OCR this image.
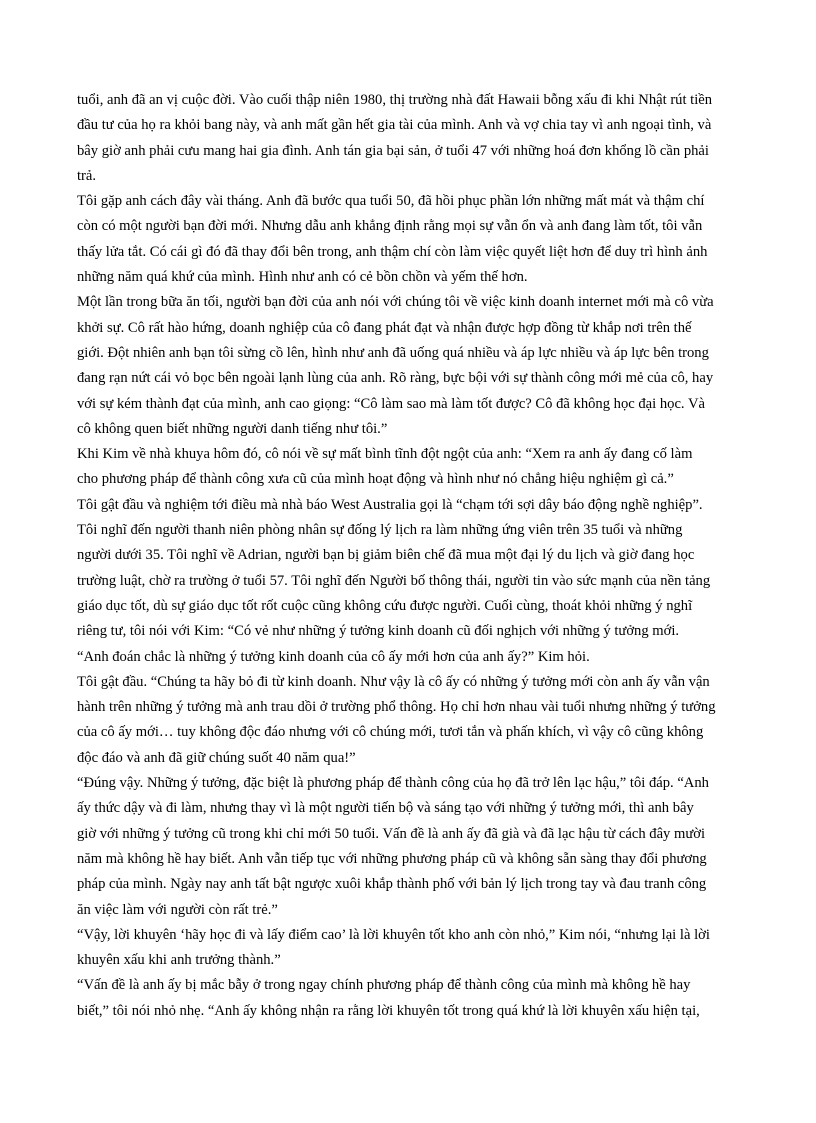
tuổi, anh đã an vị cuộc đời. Vào cuối thập niên 1980, thị trường nhà đất Hawaii bỗng xấu đi khi Nhật rút tiền
đầu tư của họ ra khỏi bang này, và anh mất gần hết gia tài của mình. Anh và vợ chia tay vì anh ngoại tình, và
bây giờ anh phải cưu mang hai gia đình. Anh tán gia bại sản, ở tuổi 47 với những hoá đơn khổng lồ cần phải
trả.
Tôi gặp anh cách đây vài tháng. Anh đã bước qua tuổi 50, đã hồi phục phần lớn những mất mát và thậm chí
còn có một người bạn đời mới. Nhưng dẫu anh khẳng định rằng mọi sự vẫn ổn và anh đang làm tốt, tôi vẫn
thấy lửa tắt. Có cái gì đó đã thay đổi bên trong, anh thậm chí còn làm việc quyết liệt hơn để duy trì hình ảnh
những năm quá khứ của mình. Hình như anh có cẻ bồn chồn và yếm thế hơn.
Một lần trong bữa ăn tối, người bạn đời của anh nói với chúng tôi về việc kinh doanh internet mới mà cô vừa
khởi sự. Cô rất hào hứng, doanh nghiệp của cô đang phát đạt và nhận được hợp đồng từ khắp nơi trên thế
giới. Đột nhiên anh bạn tôi sừng cồ lên, hình như anh đã uống quá nhiều và áp lực nhiều và áp lực bên trong
đang rạn nứt cái vỏ bọc bên ngoài lạnh lùng của anh. Rõ ràng, bực bội với sự thành công mới mẻ của cô, hay
với sự kém thành đạt của mình, anh cao giọng: “Cô làm sao mà làm tốt được? Cô đã không học đại học. Và
cô không quen biết những người danh tiếng như tôi.”
Khi Kim về nhà khuya hôm đó, cô nói về sự mất bình tĩnh đột ngột của anh: “Xem ra anh ấy đang cố làm
cho phương pháp để thành công xưa cũ của mình hoạt động và hình như nó chẳng hiệu nghiệm gì cả.”
Tôi gật đầu và nghiệm tới điều mà nhà báo West Australia gọi là “chạm tới sợi dây báo động nghề nghiệp”.
Tôi nghĩ đến người thanh niên phòng nhân sự đống lý lịch ra làm những ứng viên trên 35 tuổi và những
người dưới 35. Tôi nghĩ về Adrian, người bạn bị giảm biên chế đã mua một đại lý du lịch và giờ đang học
trường luật, chờ ra trường ở tuổi 57. Tôi nghĩ đến Người bố thông thái, người tin vào sức mạnh của nền tảng
giáo dục tốt, dù sự giáo dục tốt rốt cuộc cũng không cứu được người. Cuối cùng, thoát khỏi những ý nghĩ
riêng tư, tôi nói với Kim: “Có vẻ như những ý tưởng kinh doanh cũ đối nghịch với những ý tưởng mới.
“Anh đoán chắc là những ý tưởng kinh doanh của cô ấy mới hơn của anh ấy?” Kim hỏi.
Tôi gật đầu. “Chúng ta hãy bỏ đi từ kinh doanh. Như vậy là cô ấy có những ý tưởng mới còn anh ấy vẫn vận
hành trên những ý tưởng mà anh trau dồi ở trường phổ thông. Họ chỉ hơn nhau vài tuổi nhưng những ý tưởng
của cô ấy mới… tuy không độc đáo nhưng với cô chúng mới, tươi tắn và phấn khích, vì vậy cô cũng không
độc đáo và anh đã giữ chúng suốt 40 năm qua!”
“Đúng vậy. Những ý tưởng, đặc biệt là phương pháp để thành công của họ đã trở lên lạc hậu,” tôi đáp. “Anh
ấy thức dậy và đi làm, nhưng thay vì là một người tiến bộ và sáng tạo với những ý tưởng mới, thì anh bây
giờ với những ý tưởng cũ trong khi chỉ mới 50 tuổi. Vấn đề là anh ấy đã già và đã lạc hậu từ cách đây mười
năm mà không hề hay biết. Anh vẫn tiếp tục với những phương pháp cũ và không sẵn sàng thay đổi phương
pháp của mình. Ngày nay anh tất bật ngược xuôi khắp thành phố với bản lý lịch trong tay và đau tranh công
ăn việc làm với người còn rất trẻ.”
“Vậy, lời khuyên ‘hãy học đi và lấy điểm cao’ là lời khuyên tốt kho anh còn nhỏ,” Kim nói, “nhưng lại là lời
khuyên xấu khi anh trưởng thành.”
“Vấn đề là anh ấy bị mắc bẫy ở trong ngay chính phương pháp để thành công của mình mà không hề hay
biết,” tôi nói nhỏ nhẹ. “Anh ấy không nhận ra rằng lời khuyên tốt trong quá khứ là lời khuyên xấu hiện tại,
